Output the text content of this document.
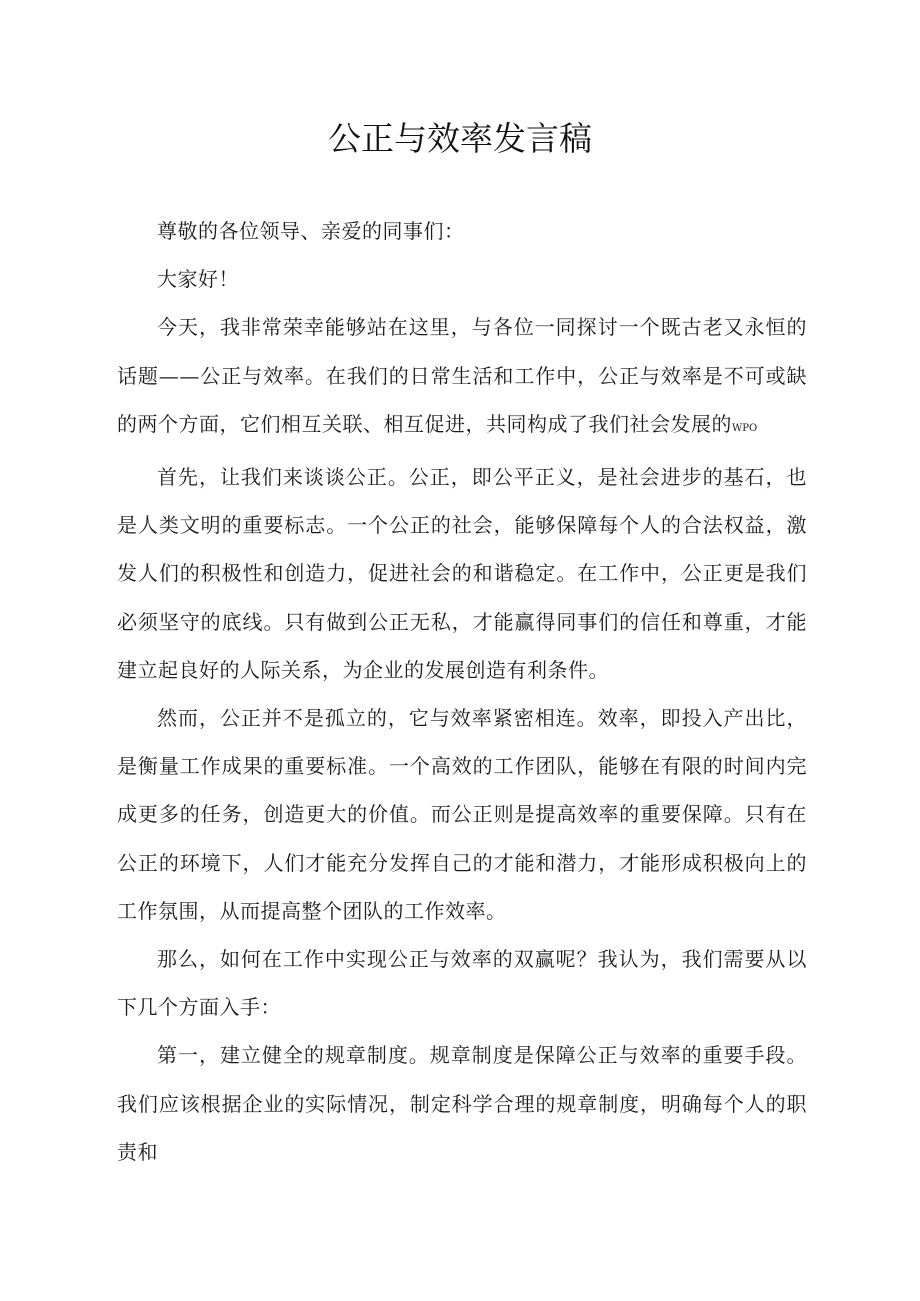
公正与效率发言稿

尊敬的各位领导、亲爱的同事们：

大家好！

今天，我非常荣幸能够站在这里，与各位一同探讨一个既古老又永恒的话题——公正与效率。在我们的日常生活和工作中，公正与效率是不可或缺的两个方面，它们相互关联、相互促进，共同构成了我们社会发展的WPO

首先，让我们来谈谈公正。公正，即公平正义，是社会进步的基石，也是人类文明的重要标志。一个公正的社会，能够保障每个人的合法权益，激发人们的积极性和创造力，促进社会的和谐稳定。在工作中，公正更是我们必须坚守的底线。只有做到公正无私，才能赢得同事们的信任和尊重，才能建立起良好的人际关系，为企业的发展创造有利条件。

然而，公正并不是孤立的，它与效率紧密相连。效率，即投入产出比，是衡量工作成果的重要标准。一个高效的工作团队，能够在有限的时间内完成更多的任务，创造更大的价值。而公正则是提高效率的重要保障。只有在公正的环境下，人们才能充分发挥自己的才能和潜力，才能形成积极向上的工作氛围，从而提高整个团队的工作效率。

那么，如何在工作中实现公正与效率的双赢呢？我认为，我们需要从以下几个方面入手：

第一，建立健全的规章制度。规章制度是保障公正与效率的重要手段。我们应该根据企业的实际情况，制定科学合理的规章制度，明确每个人的职责和
